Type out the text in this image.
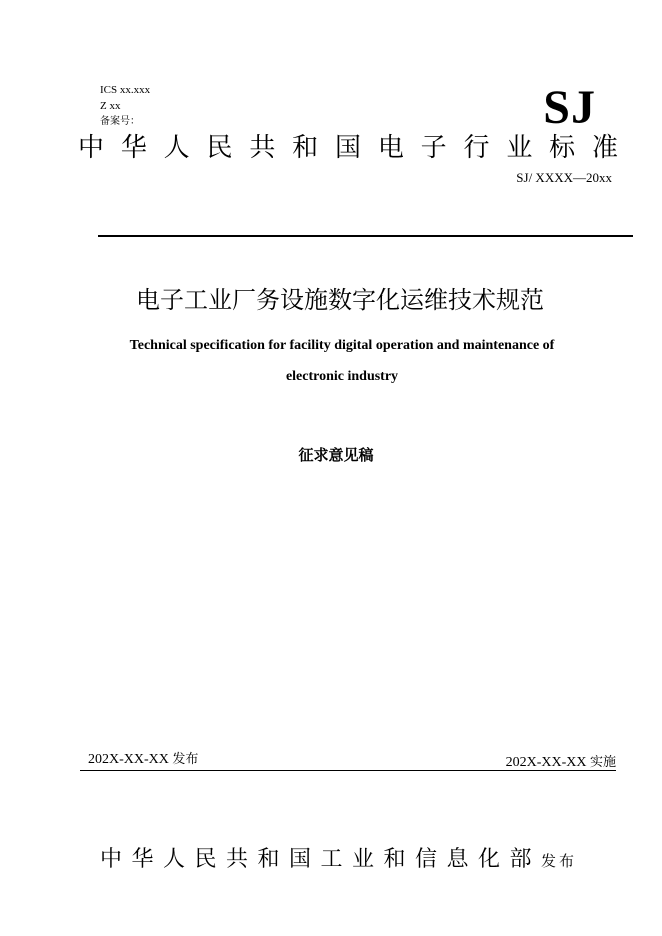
ICS xx.xxx
Z xx
备案号：	SJ
中华人民共和国电子行业标准
SJ/ XXXX—20xx
电子工业厂务设施数字化运维技术规范
Technical specification for facility digital operation and maintenance of
electronic industry
征求意见稿
202X-XX-XX 发布	202X-XX-XX 实施
中华人民共和国工业和信息化部发布
